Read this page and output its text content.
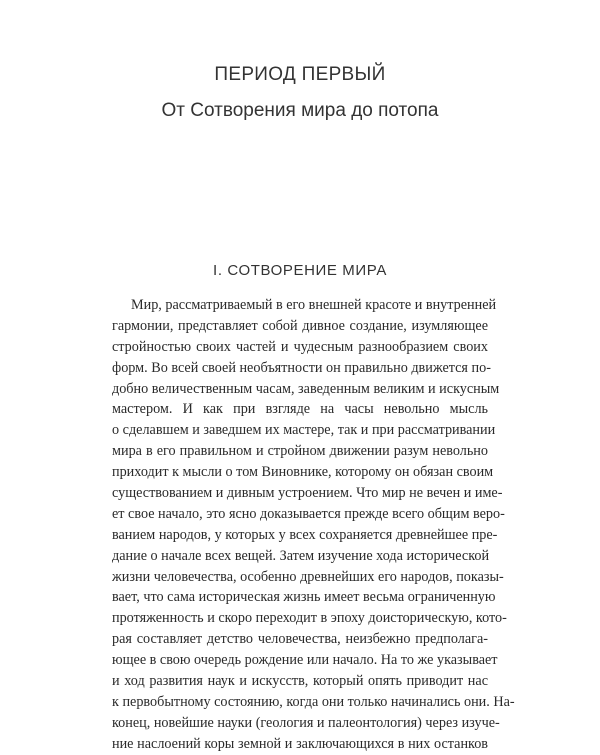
ПЕРИОД ПЕРВЫЙ
От Сотворения мира до потопа
I. СОТВОРЕНИЕ МИРА
Мир, рассматриваемый в его внешней красоте и внутренней
гармонии, представляет собой дивное создание, изумляющее
стройностью своих частей и чудесным разнообразием своих
форм. Во всей своей необъятности он правильно движется по-
добно величественным часам, заведенным великим и искусным
мастером. И как при взгляде на часы невольно мысль
о сделавшем и заведшем их мастере, так и при рассматривании
мира в его правильном и стройном движении разум невольно
приходит к мысли о том Виновнике, которому он обязан своим
существованием и дивным устроением. Что мир не вечен и име-
ет свое начало, это ясно доказывается прежде всего общим веро-
ванием народов, у которых у всех сохраняется древнейшее пре-
дание о начале всех вещей. Затем изучение хода исторической
жизни человечества, особенно древнейших его народов, показы-
вает, что сама историческая жизнь имеет весьма ограниченную
протяженность и скоро переходит в эпоху доисторическую, кото-
рая составляет детство человечества, неизбежно предполага-
ющее в свою очередь рождение или начало. На то же указывает
и ход развития наук и искусств, который опять приводит нас
к первобытному состоянию, когда они только начинались они. На-
конец, новейшие науки (геология и палеонтология) через изуче-
ние наслоений коры земной и заключающихся в них останков
